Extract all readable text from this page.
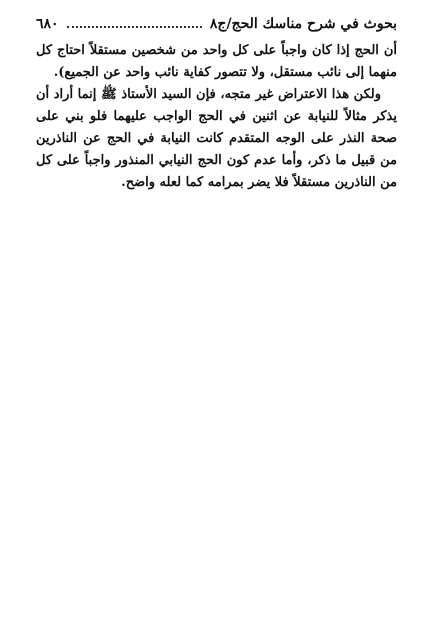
بحوث في شرح مناسك الحج/ج٨
٦٨٠

أن الحج إذا كان واجباً على كل واحد من شخصين مستقلاً احتاج كل منهما إلى نائب مستقل، ولا تتصور كفاية نائب واحد عن الجميع).

ولكن هذا الاعتراض غير متجه، فإن السيد الأستاذ ﷺ إنما أراد أن يذكر مثالاً للنيابة عن اثنين في الحج الواجب عليهما فلو بني على صحة النذر على الوجه المتقدم كانت النيابة في الحج عن الناذرين من قبيل ما ذكر، وأما عدم كون الحج النيابي المنذور واجباً على كل من الناذرين مستقلاً فلا يضر بمرامه كما لعله واضح.
